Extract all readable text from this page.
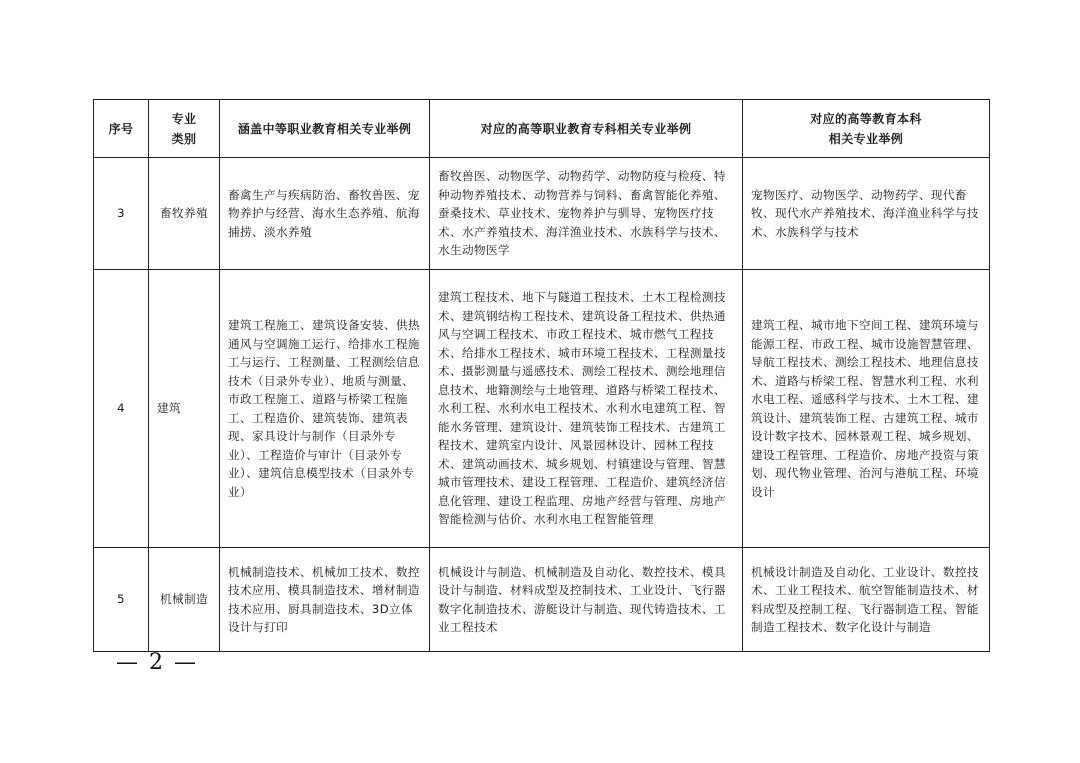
序号	专业类别	涵盖中等职业教育相关专业举例	对应的高等职业教育专科相关专业举例	对应的高等教育本科
相关专业举例

3	畜牧养殖	畜禽生产与疾病防治、畜牧兽医、宠物养护与经营、海水生态养殖、航海捕捞、淡水养殖	畜牧兽医、动物医学、动物药学、动物防疫与检疫、特种动物养殖技术、动物营养与饲料、畜禽智能化养殖、蚕桑技术、草业技术、宠物养护与驯导、宠物医疗技术、水产养殖技术、海洋渔业技术、水族科学与技术、水生动物医学	宠物医疗、动物医学、动物药学、现代畜牧、现代水产养殖技术、海洋渔业科学与技术、水族科学与技术
4	建筑	建筑工程施工、建筑设备安装、供热通风与空调施工运行、给排水工程施工与运行、工程测量、工程测绘信息技术（目录外专业）、地质与测量、市政工程施工、道路与桥梁工程施工、工程造价、建筑装饰、建筑表现、家具设计与制作（目录外专业）、工程造价与审计（目录外专业）、建筑信息模型技术（目录外专业）	建筑工程技术、地下与隧道工程技术、土木工程检测技术、建筑钢结构工程技术、建筑设备工程技术、供热通风与空调工程技术、市政工程技术、城市燃气工程技术、给排水工程技术、城市环境工程技术、工程测量技术、摄影测量与遥感技术、测绘工程技术、测绘地理信息技术、地籍测绘与土地管理、道路与桥梁工程技术、水利工程、水利水电工程技术、水利水电建筑工程、智能水务管理、建筑设计、建筑装饰工程技术、古建筑工程技术、建筑室内设计、风景园林设计、园林工程技术、建筑动画技术、城乡规划、村镇建设与管理、智慧城市管理技术、建设工程管理、工程造价、建筑经济信息化管理、建设工程监理、房地产经营与管理、房地产智能检测与估价、水利水电工程智能管理	建筑工程、城市地下空间工程、建筑环境与能源工程、市政工程、城市设施智慧管理、导航工程技术、测绘工程技术、地理信息技术、道路与桥梁工程、智慧水利工程、水利水电工程、遥感科学与技术、土木工程、建筑设计、建筑装饰工程、古建筑工程、城市设计数字技术、园林景观工程、城乡规划、建设工程管理、工程造价、房地产投资与策划、现代物业管理、治河与港航工程、环境设计
5	机械制造	机械制造技术、机械加工技术、数控技术应用、模具制造技术、增材制造技术应用、厨具制造技术、3D立体设计与打印	机械设计与制造、机械制造及自动化、数控技术、模具设计与制造、材料成型及控制技术、工业设计、飞行器数字化制造技术、游艇设计与制造、现代铸造技术、工业工程技术	机械设计制造及自动化、工业设计、数控技术、工业工程技术、航空智能制造技术、材料成型及控制工程、飞行器制造工程、智能制造工程技术、数字化设计与制造
— 2 —
